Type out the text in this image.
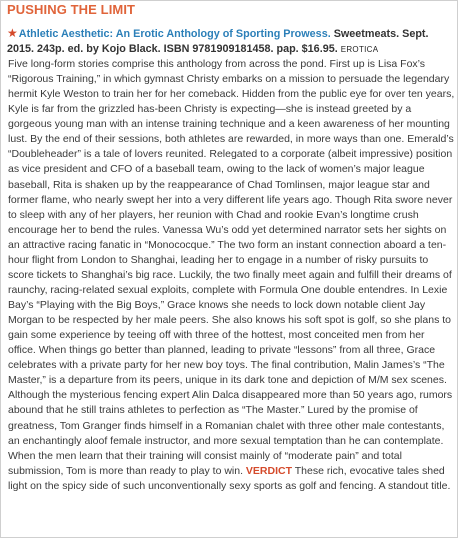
PUSHING THE LIMIT
★Athletic Aesthetic: An Erotic Anthology of Sporting Prowess. Sweetmeats. Sept. 2015. 243p. ed. by Kojo Black. ISBN 9781909181458. pap. $16.95. EROTICA

Five long-form stories comprise this anthology from across the pond. First up is Lisa Fox’s “Rigorous Training,” in which gymnast Christy embarks on a mission to persuade the legendary hermit Kyle Weston to train her for her comeback. Hidden from the public eye for over ten years, Kyle is far from the grizzled has-been Christy is expecting—she is instead greeted by a gorgeous young man with an intense training technique and a keen awareness of her mounting lust. By the end of their sessions, both athletes are rewarded, in more ways than one. Emerald’s “Doubleheader” is a tale of lovers reunited. Relegated to a corporate (albeit impressive) position as vice president and CFO of a baseball team, owing to the lack of women’s major league baseball, Rita is shaken up by the reappearance of Chad Tomlinsen, major league star and former flame, who nearly swept her into a very different life years ago. Though Rita swore never to sleep with any of her players, her reunion with Chad and rookie Evan’s longtime crush encourage her to bend the rules. Vanessa Wu’s odd yet determined narrator sets her sights on an attractive racing fanatic in “Monococque.” The two form an instant connection aboard a ten-hour flight from London to Shanghai, leading her to engage in a number of risky pursuits to score tickets to Shanghai’s big race. Luckily, the two finally meet again and fulfill their dreams of raunchy, racing-related sexual exploits, complete with Formula One double entendres. In Lexie Bay’s “Playing with the Big Boys,” Grace knows she needs to lock down notable client Jay Morgan to be respected by her male peers. She also knows his soft spot is golf, so she plans to gain some experience by teeing off with three of the hottest, most conceited men from her office. When things go better than planned, leading to private “lessons” from all three, Grace celebrates with a private party for her new boy toys. The final contribution, Malin James’s “The Master,” is a departure from its peers, unique in its dark tone and depiction of M/M sex scenes. Although the mysterious fencing expert Alin Dalca disappeared more than 50 years ago, rumors abound that he still trains athletes to perfection as “The Master.” Lured by the promise of greatness, Tom Granger finds himself in a Romanian chalet with three other male contestants, an enchantingly aloof female instructor, and more sexual temptation than he can contemplate. When the men learn that their training will consist mainly of “moderate pain” and total submission, Tom is more than ready to play to win. VERDICT These rich, evocative tales shed light on the spicy side of such unconventionally sexy sports as golf and fencing. A standout title.
